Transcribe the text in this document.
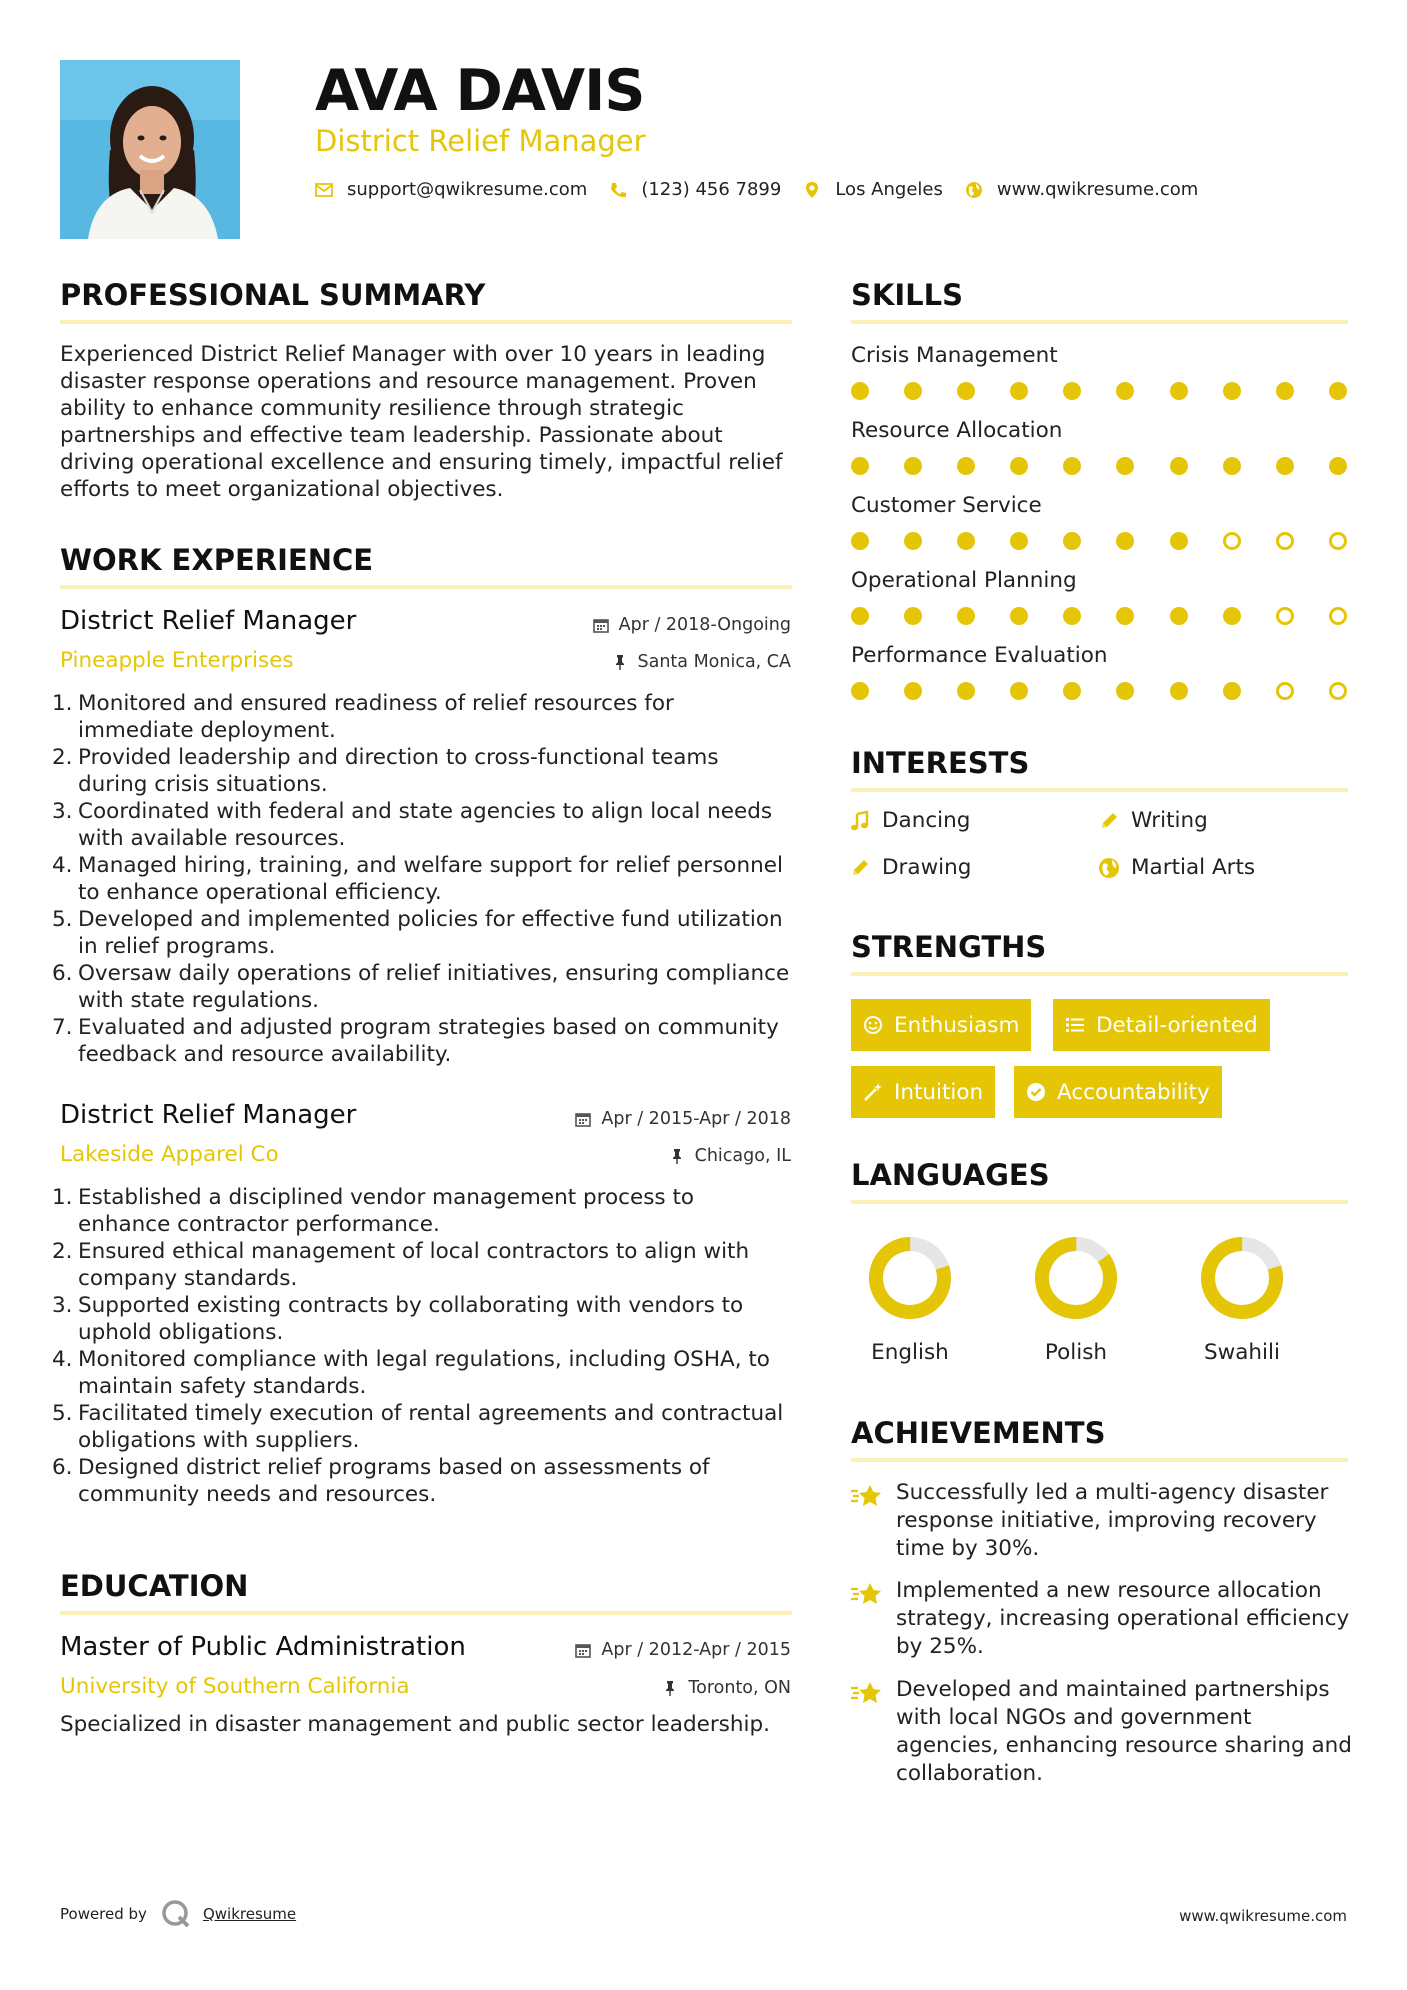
AVA DAVIS
District Relief Manager
support@qwikresume.com	(123) 456 7899	Los Angeles	www.qwikresume.com
PROFESSIONAL SUMMARY
Experienced District Relief Manager with over 10 years in leading disaster response operations and resource management. Proven ability to enhance community resilience through strategic partnerships and effective team leadership. Passionate about driving operational excellence and ensuring timely, impactful relief efforts to meet organizational objectives.
WORK EXPERIENCE
District Relief Manager	Apr / 2018-Ongoing
Pineapple Enterprises	Santa Monica, CA
1. Monitored and ensured readiness of relief resources for immediate deployment.
2. Provided leadership and direction to cross-functional teams during crisis situations.
3. Coordinated with federal and state agencies to align local needs with available resources.
4. Managed hiring, training, and welfare support for relief personnel to enhance operational efficiency.
5. Developed and implemented policies for effective fund utilization in relief programs.
6. Oversaw daily operations of relief initiatives, ensuring compliance with state regulations.
7. Evaluated and adjusted program strategies based on community feedback and resource availability.
District Relief Manager	Apr / 2015-Apr / 2018
Lakeside Apparel Co	Chicago, IL
1. Established a disciplined vendor management process to enhance contractor performance.
2. Ensured ethical management of local contractors to align with company standards.
3. Supported existing contracts by collaborating with vendors to uphold obligations.
4. Monitored compliance with legal regulations, including OSHA, to maintain safety standards.
5. Facilitated timely execution of rental agreements and contractual obligations with suppliers.
6. Designed district relief programs based on assessments of community needs and resources.
EDUCATION
Master of Public Administration	Apr / 2012-Apr / 2015
University of Southern California	Toronto, ON
Specialized in disaster management and public sector leadership.
SKILLS
Crisis Management
Resource Allocation
Customer Service
Operational Planning
Performance Evaluation
INTERESTS
Dancing	Writing
Drawing	Martial Arts
STRENGTHS
Enthusiasm	Detail-oriented
Intuition	Accountability
LANGUAGES
English	Polish	Swahili
ACHIEVEMENTS
Successfully led a multi-agency disaster response initiative, improving recovery time by 30%.
Implemented a new resource allocation strategy, increasing operational efficiency by 25%.
Developed and maintained partnerships with local NGOs and government agencies, enhancing resource sharing and collaboration.
Powered by	Qwikresume	www.qwikresume.com
